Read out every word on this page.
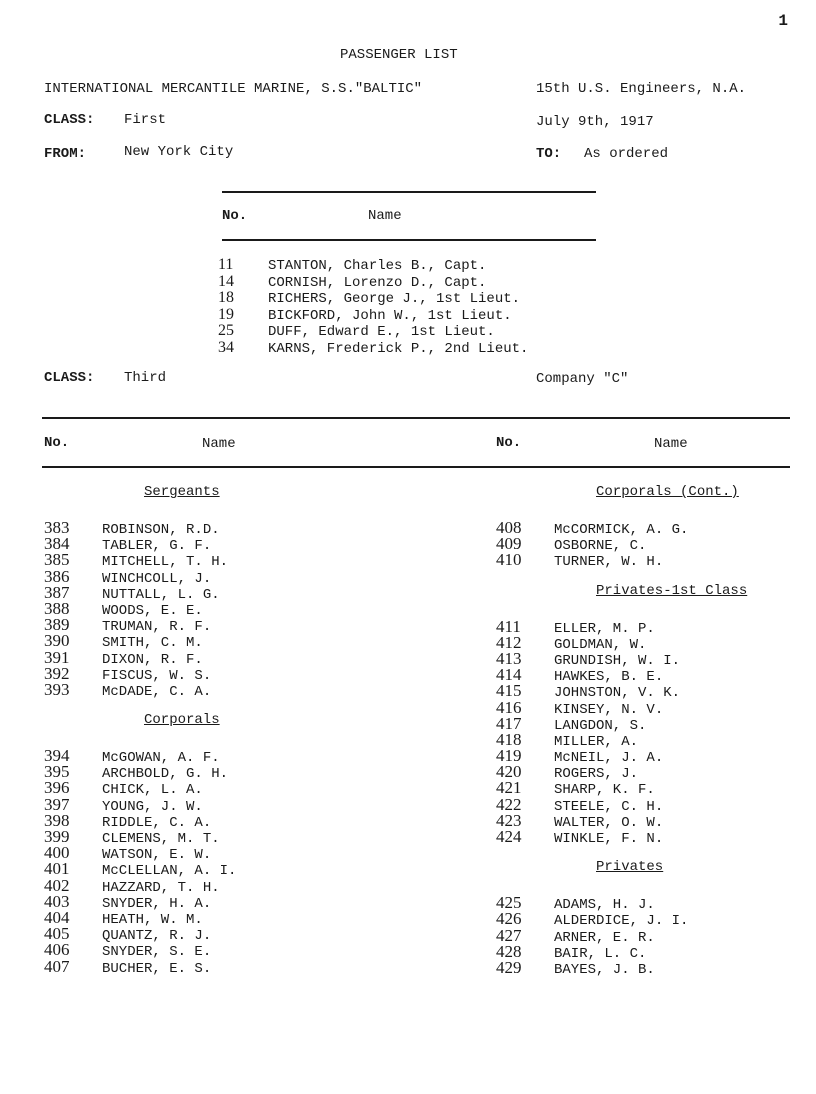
1
PASSENGER LIST
INTERNATIONAL MERCANTILE MARINE, S.S."BALTIC"	15th U.S. Engineers, N.A.
CLASS: First	July 9th, 1917
FROM:	New York City	TO: As ordered
No.	Name
11 STANTON, Charles B., Capt.
14 CORNISH, Lorenzo D., Capt.
18 RICHERS, George J., 1st Lieut.
19 BICKFORD, John W., 1st Lieut.
25 DUFF, Edward E., 1st Lieut.
34 KARNS, Frederick P., 2nd Lieut.
CLASS: Third	Company "C"
No.	Name	No.	Name
Sergeants
383 ROBINSON, R.D.
384 TABLER, G. F.
385 MITCHELL, T. H.
386 WINCHCOLL, J.
387 NUTTALL, L. G.
388 WOODS, E. E.
389 TRUMAN, R. F.
390 SMITH, C. M.
391 DIXON, R. F.
392 FISCUS, W. S.
393 McDADE, C. A.
Corporals
394 McGOWAN, A. F.
395 ARCHBOLD, G. H.
396 CHICK, L. A.
397 YOUNG, J. W.
398 RIDDLE, C. A.
399 CLEMENS, M. T.
400 WATSON, E. W.
401 McCLELLAN, A. I.
402 HAZZARD, T. H.
403 SNYDER, H. A.
404 HEATH, W. M.
405 QUANTZ, R. J.
406 SNYDER, S. E.
407 BUCHER, E. S.
Corporals (Cont.)
408 McCORMICK, A. G.
409 OSBORNE, C.
410 TURNER, W. H.
Privates-1st Class
411 ELLER, M. P.
412 GOLDMAN, W.
413 GRUNDISH, W. I.
414 HAWKES, B. E.
415 JOHNSTON, V. K.
416 KINSEY, N. V.
417 LANGDON, S.
418 MILLER, A.
419 McNEIL, J. A.
420 ROGERS, J.
421 SHARP, K. F.
422 STEELE, C. H.
423 WALTER, O. W.
424 WINKLE, F. N.
Privates
425 ADAMS, H. J.
426 ALDERDICE, J. I.
427 ARNER, E. R.
428 BAIR, L. C.
429 BAYES, J. B.
